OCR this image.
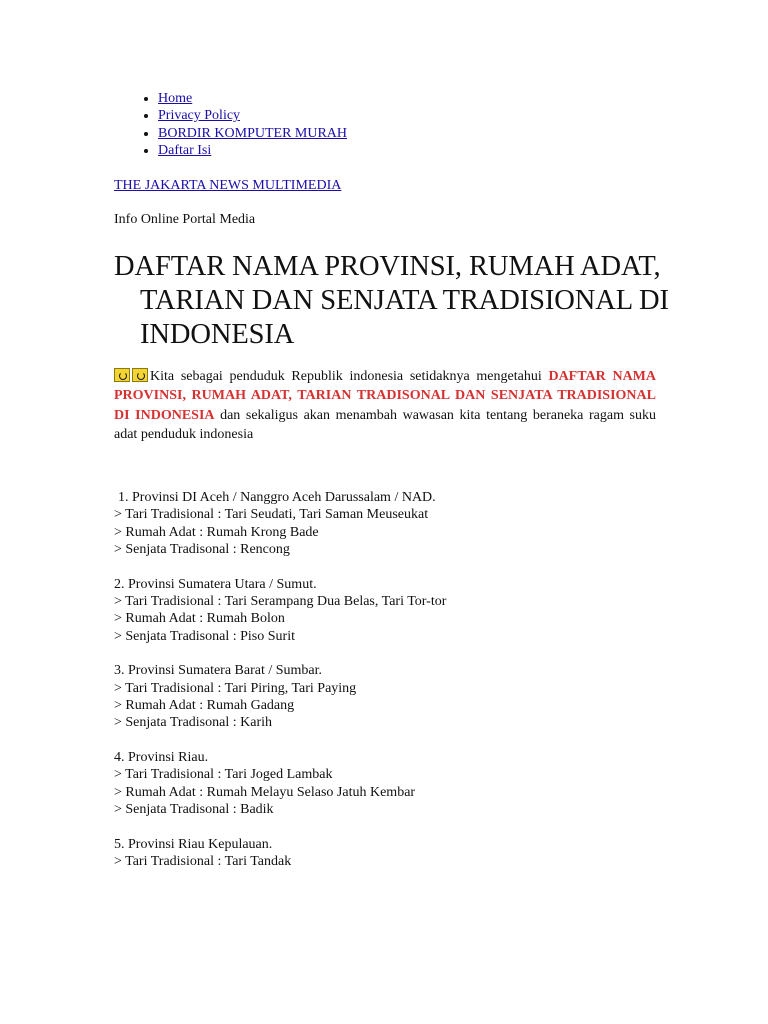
• Home
• Privacy Policy
• BORDIR KOMPUTER MURAH
• Daftar Isi
THE JAKARTA NEWS MULTIMEDIA
Info Online Portal Media
DAFTAR NAMA PROVINSI, RUMAH ADAT, TARIAN DAN SENJATA TRADISIONAL DI INDONESIA

Kita sebagai penduduk Republik indonesia setidaknya mengetahui DAFTAR NAMA PROVINSI, RUMAH ADAT, TARIAN TRADISONAL DAN SENJATA TRADISIONAL DI INDONESIA dan sekaligus akan menambah wawasan kita tentang beraneka ragam suku adat penduduk indonesia

1. Provinsi DI Aceh / Nanggro Aceh Darussalam / NAD.
> Tari Tradisional : Tari Seudati, Tari Saman Meuseukat
> Rumah Adat : Rumah Krong Bade
> Senjata Tradisonal : Rencong
2. Provinsi Sumatera Utara / Sumut.
> Tari Tradisional : Tari Serampang Dua Belas, Tari Tor-tor
> Rumah Adat : Rumah Bolon
> Senjata Tradisonal : Piso Surit
3. Provinsi Sumatera Barat / Sumbar.
> Tari Tradisional : Tari Piring, Tari Paying
> Rumah Adat : Rumah Gadang
> Senjata Tradisonal : Karih
4. Provinsi Riau.
> Tari Tradisional : Tari Joged Lambak
> Rumah Adat : Rumah Melayu Selaso Jatuh Kembar
> Senjata Tradisonal : Badik
5. Provinsi Riau Kepulauan.
> Tari Tradisional : Tari Tandak
